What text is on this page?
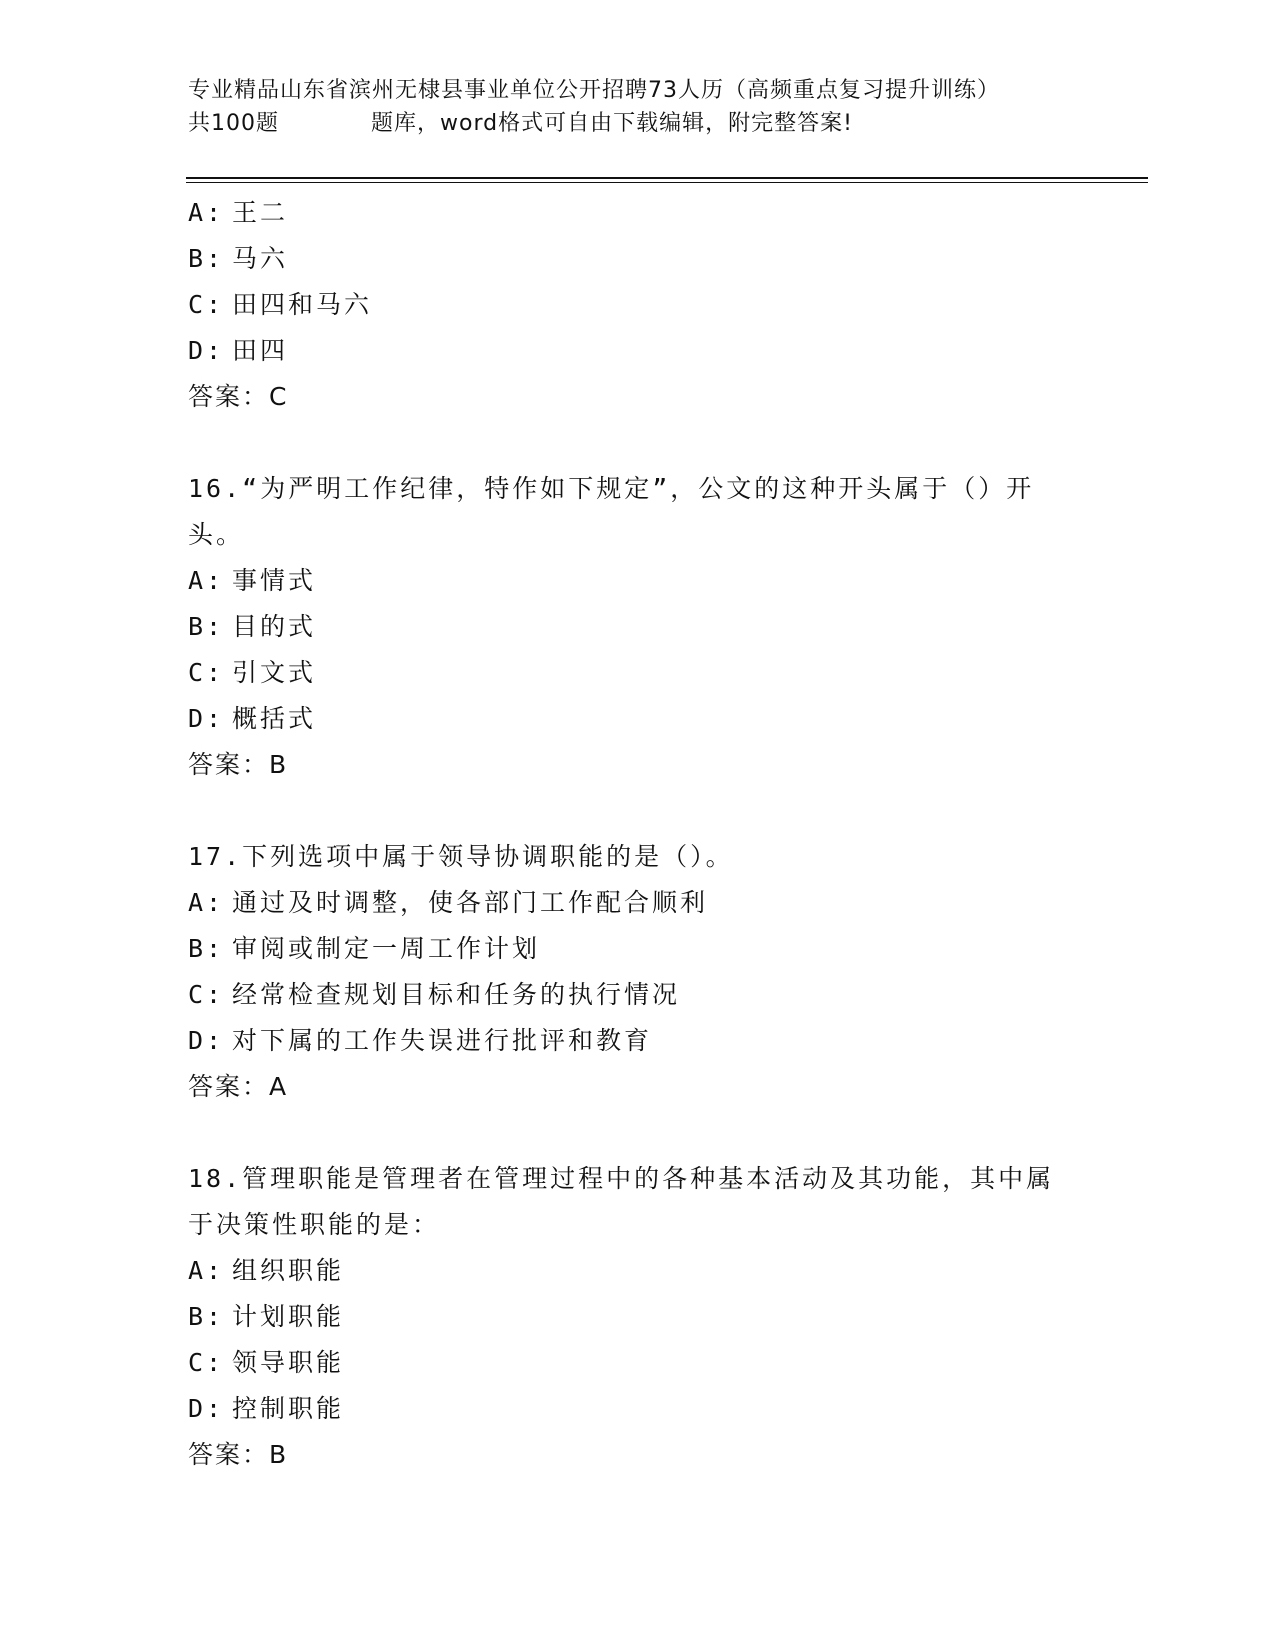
专业精品山东省滨州无棣县事业单位公开招聘73人历（高频重点复习提升训练）
共100题	题库，word格式可自由下载编辑，附完整答案!
A: 王二
B: 马六
C: 田四和马六
D: 田四
答案：C
16.“为严明工作纪律，特作如下规定”，公文的这种开头属于（）开
头。
A: 事情式
B: 目的式
C: 引文式
D: 概括式
答案：B
17.下列选项中属于领导协调职能的是（）。
A: 通过及时调整，使各部门工作配合顺利
B: 审阅或制定一周工作计划
C: 经常检查规划目标和任务的执行情况
D: 对下属的工作失误进行批评和教育
答案：A
18.管理职能是管理者在管理过程中的各种基本活动及其功能，其中属
于决策性职能的是：
A: 组织职能
B: 计划职能
C: 领导职能
D: 控制职能
答案：B
